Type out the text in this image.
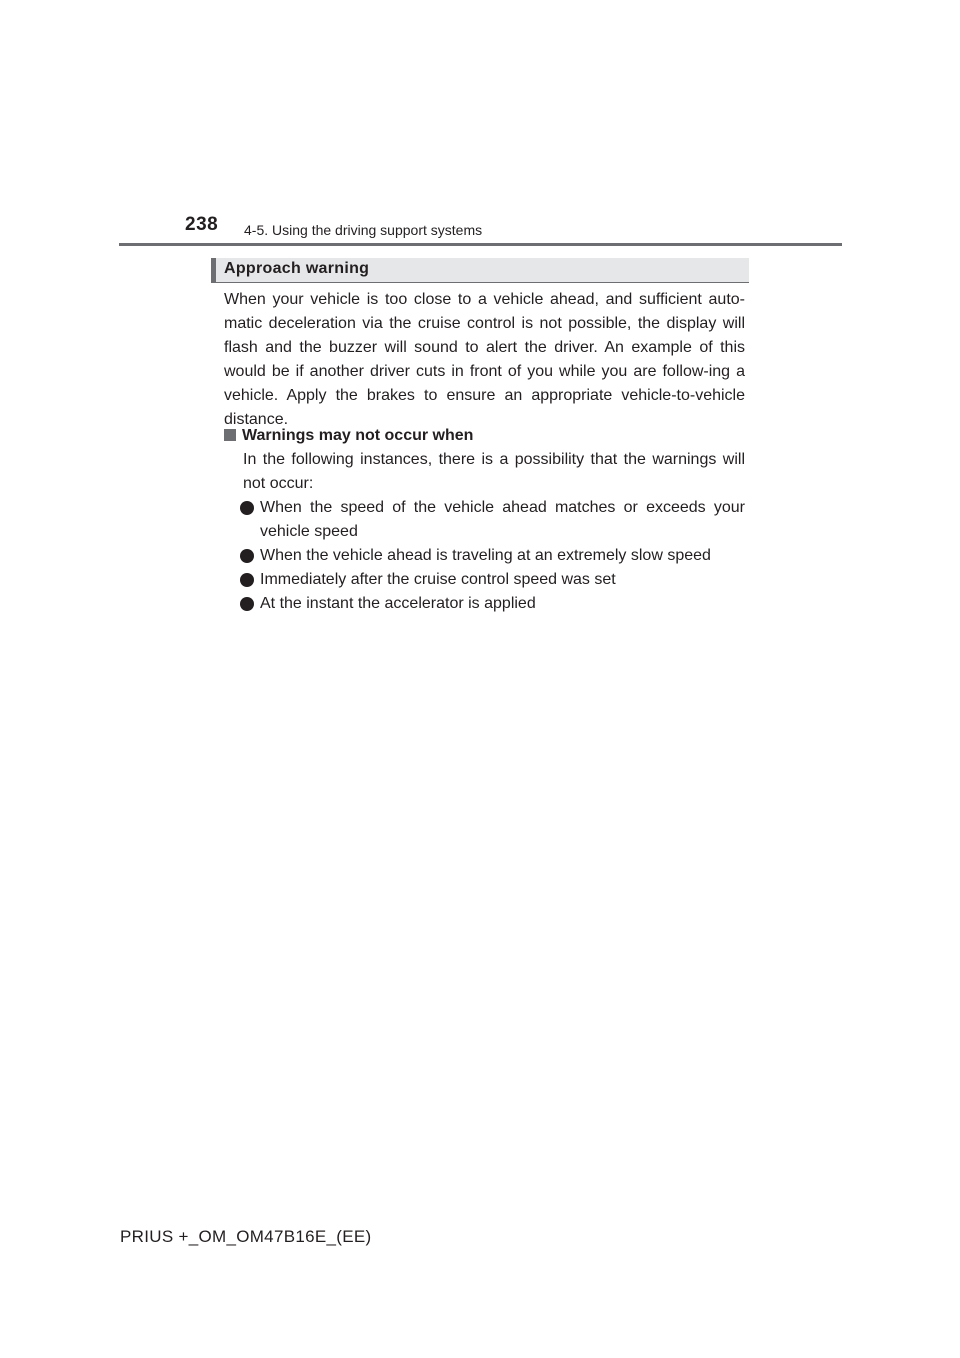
238 4-5. Using the driving support systems
Approach warning

When your vehicle is too close to a vehicle ahead, and sufficient auto-matic deceleration via the cruise control is not possible, the display will flash and the buzzer will sound to alert the driver. An example of this would be if another driver cuts in front of you while you are follow-ing a vehicle. Apply the brakes to ensure an appropriate vehicle-to-vehicle distance.

Warnings may not occur when

In the following instances, there is a possibility that the warnings will not occur:

When the speed of the vehicle ahead matches or exceeds your vehicle speed
When the vehicle ahead is traveling at an extremely slow speed
Immediately after the cruise control speed was set
At the instant the accelerator is applied
PRIUS +_OM_OM47B16E_(EE)
